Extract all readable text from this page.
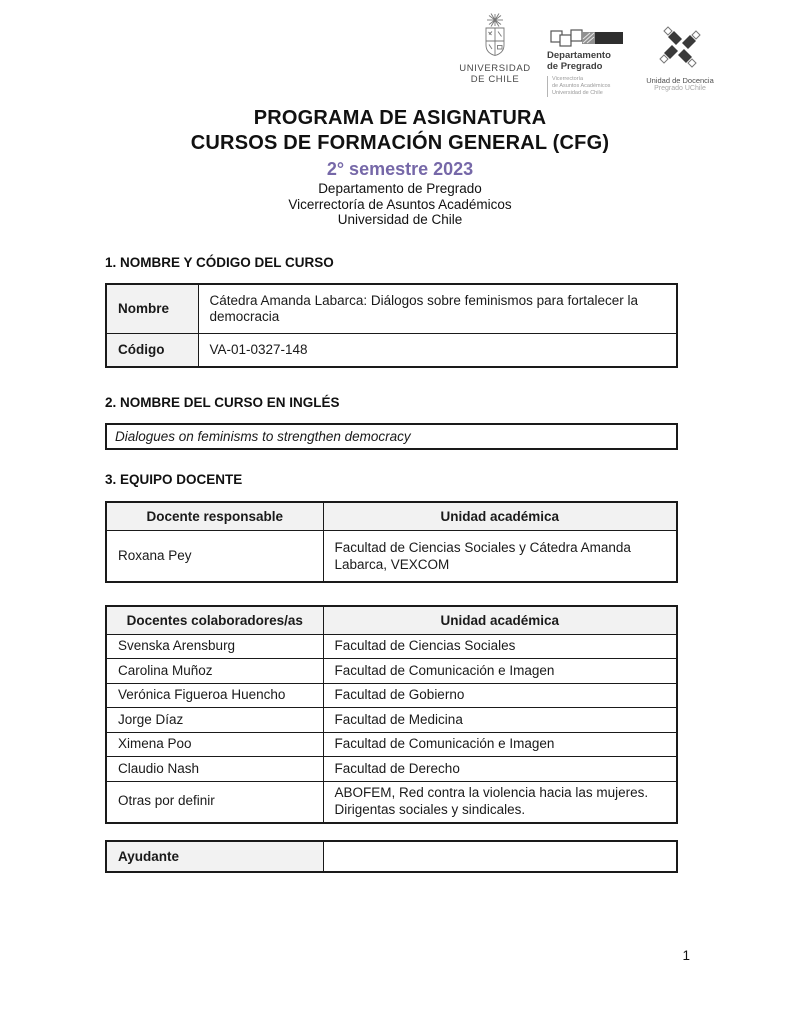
UNIVERSIDAD
DE CHILE
Departamento
de Pregrado
Vicerrectoría
de Asuntos Académicos
Universidad de Chile
Unidad de Docencia
Pregrado UChile
PROGRAMA DE ASIGNATURA
CURSOS DE FORMACIÓN GENERAL (CFG)
2° semestre 2023
Departamento de Pregrado
Vicerrectoría de Asuntos Académicos
Universidad de Chile
1. NOMBRE Y CÓDIGO DEL CURSO
Nombre	Cátedra Amanda Labarca: Diálogos sobre feminismos para fortalecer la democracia
Código	VA-01-0327-148
2. NOMBRE DEL CURSO EN INGLÉS
Dialogues on feminisms to strengthen democracy
3. EQUIPO DOCENTE
Docente responsable	Unidad académica
Roxana Pey	Facultad de Ciencias Sociales y Cátedra Amanda Labarca, VEXCOM
Docentes colaboradores/as	Unidad académica
Svenska Arensburg	Facultad de Ciencias Sociales
Carolina Muñoz	Facultad de Comunicación e Imagen
Verónica Figueroa Huencho	Facultad de Gobierno
Jorge Díaz	Facultad de Medicina
Ximena Poo	Facultad de Comunicación e Imagen
Claudio Nash	Facultad de Derecho
Otras por definir	ABOFEM, Red contra la violencia hacia las mujeres. Dirigentas sociales y sindicales.
Ayudante	
1
